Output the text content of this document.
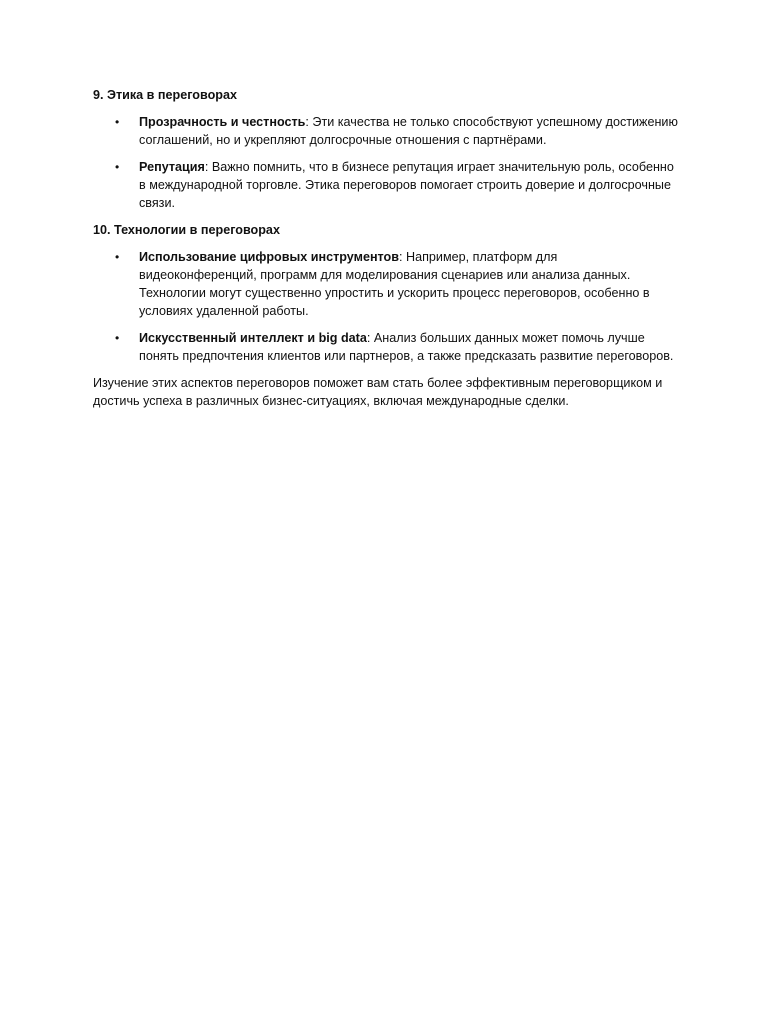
9. Этика в переговорах

• Прозрачность и честность: Эти качества не только способствуют успешному достижению соглашений, но и укрепляют долгосрочные отношения с партнёрами.
• Репутация: Важно помнить, что в бизнесе репутация играет значительную роль, особенно в международной торговле. Этика переговоров помогает строить доверие и долгосрочные связи.

10. Технологии в переговорах

• Использование цифровых инструментов: Например, платформ для видеоконференций, программ для моделирования сценариев или анализа данных. Технологии могут существенно упростить и ускорить процесс переговоров, особенно в условиях удаленной работы.
• Искусственный интеллект и big data: Анализ больших данных может помочь лучше понять предпочтения клиентов или партнеров, а также предсказать развитие переговоров.

Изучение этих аспектов переговоров поможет вам стать более эффективным переговорщиком и достичь успеха в различных бизнес-ситуациях, включая международные сделки.
